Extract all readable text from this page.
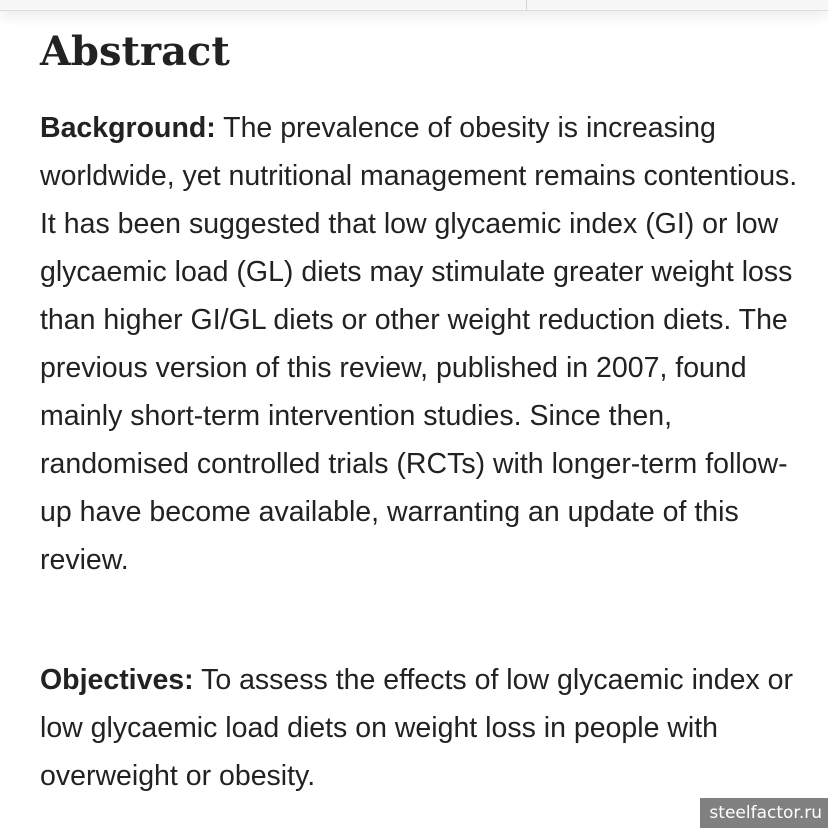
Abstract

Background: The prevalence of obesity is increasing worldwide, yet nutritional management remains contentious. It has been suggested that low glycaemic index (GI) or low glycaemic load (GL) diets may stimulate greater weight loss than higher GI/GL diets or other weight reduction diets. The previous version of this review, published in 2007, found mainly short-term intervention studies. Since then, randomised controlled trials (RCTs) with longer-term follow-up have become available, warranting an update of this review.

Objectives: To assess the effects of low glycaemic index or low glycaemic load diets on weight loss in people with overweight or obesity.

steelfactor.ru
